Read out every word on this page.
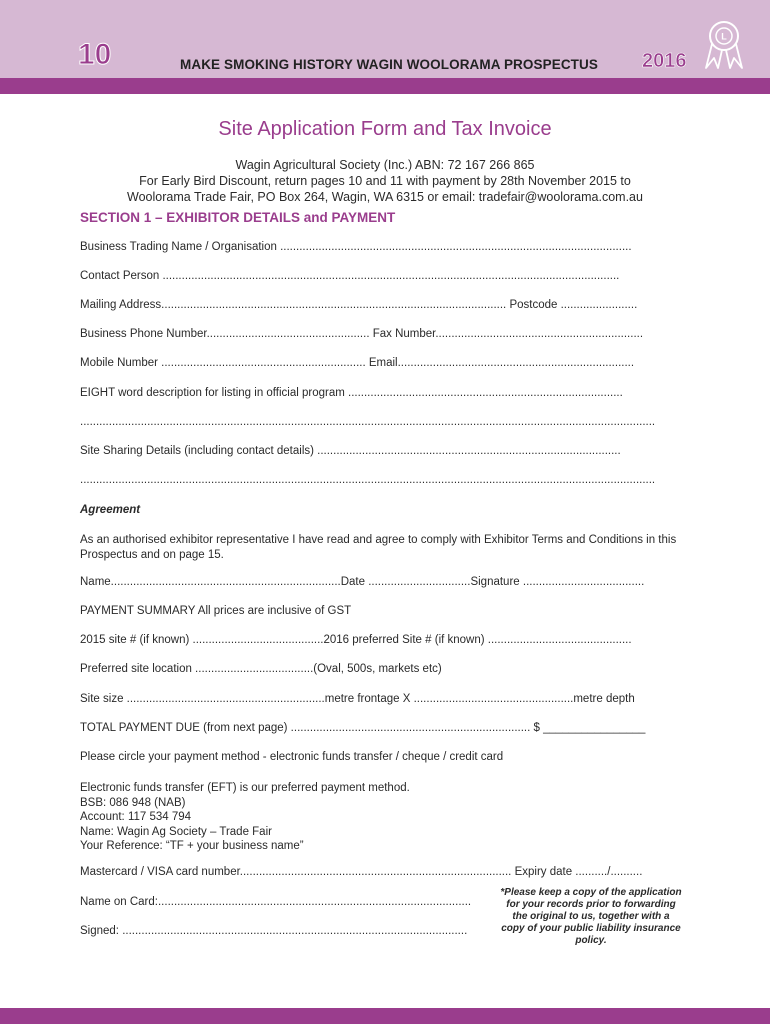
10	MAKE SMOKING HISTORY WAGIN WOOLORAMA PROSPECTUS 2016
L
Site Application Form and Tax Invoice
Wagin Agricultural Society (Inc.) ABN: 72 167 266 865
For Early Bird Discount, return pages 10 and 11 with payment by 28th November 2015 to
Woolorama Trade Fair, PO Box 264, Wagin, WA 6315 or email: tradefair@woolorama.com.au
SECTION 1 – EXHIBITOR DETAILS and PAYMENT
Business Trading Name / Organisation ..............................................................................................................
Contact Person ...............................................................................................................................................
Mailing Address............................................................................................................ Postcode ........................
Business Phone Number................................................... Fax Number.................................................................
Mobile Number ................................................................ Email..........................................................................
EIGHT word description for listing in official program ......................................................................................
....................................................................................................................................................................................
Site Sharing Details (including contact details) ...............................................................................................
....................................................................................................................................................................................
Agreement
As an authorised exhibitor representative I have read and agree to comply with Exhibitor Terms and Conditions in this Prospectus and on page 15.
Name........................................................................Date ................................Signature ......................................
PAYMENT SUMMARY All prices are inclusive of GST
2015 site # (if known) .........................................2016 preferred Site # (if known) .............................................
Preferred site location .....................................(Oval, 500s, markets etc)
Site size ..............................................................metre frontage X ..................................................metre depth
TOTAL PAYMENT DUE (from next page) ........................................................................... $ ________________
Please circle your payment method - electronic funds transfer / cheque / credit card
Electronic funds transfer (EFT) is our preferred payment method.
BSB: 086 948 (NAB)
Account: 117 534 794
Name: Wagin Ag Society – Trade Fair
Your Reference: “TF + your business name”
Mastercard / VISA card number..................................................................................... Expiry date ........../..........
Name on Card:..................................................................................................
Signed: ............................................................................................................
*Please keep a copy of the application for your records prior to forwarding the original to us, together with a copy of your public liability insurance policy.
